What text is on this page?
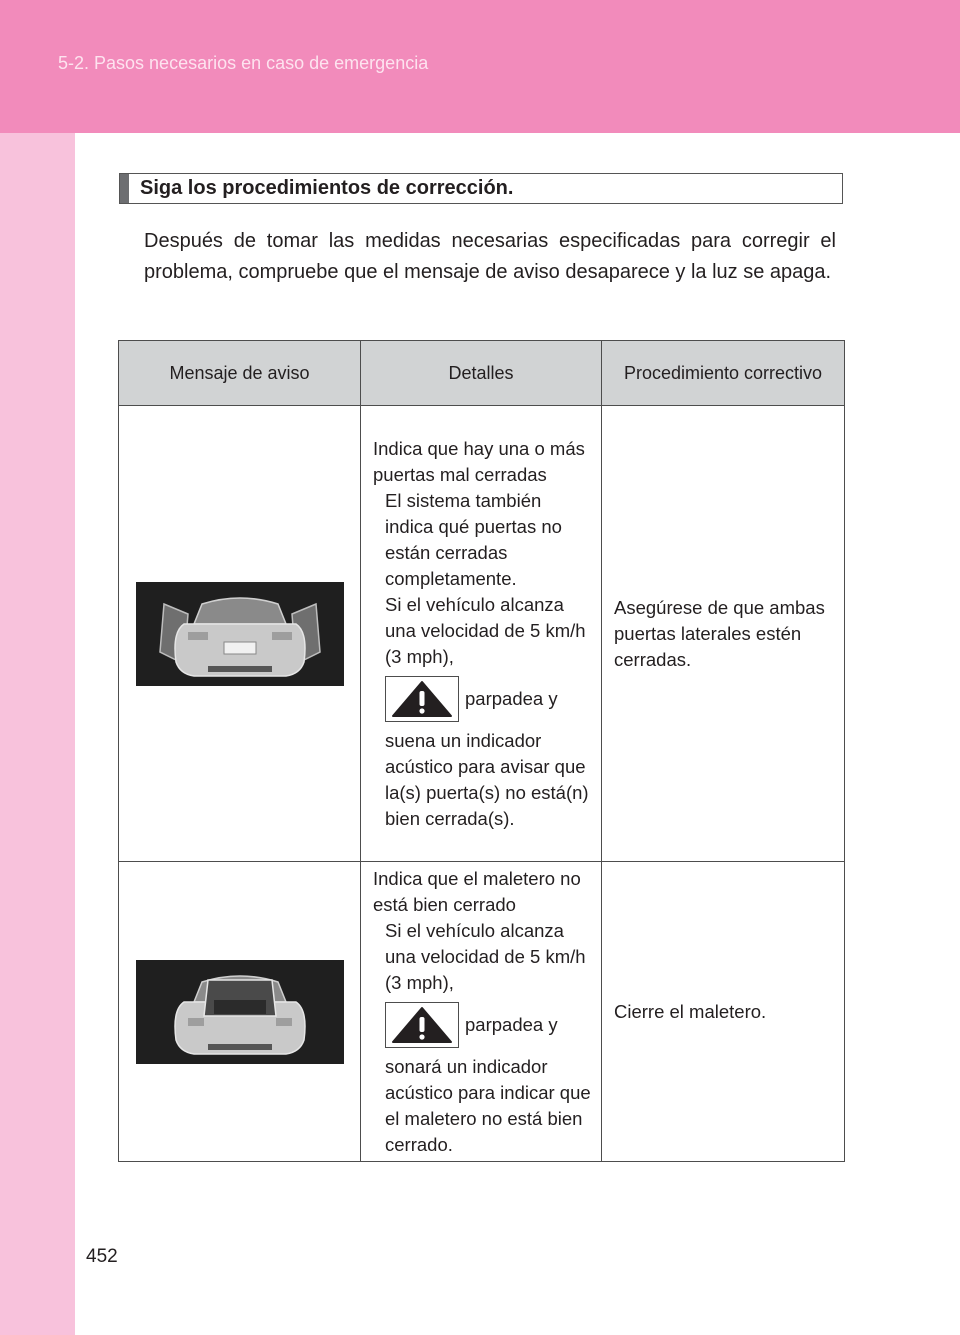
5-2. Pasos necesarios en caso de emergencia
452
Siga los procedimientos de corrección.
Después de tomar las medidas necesarias especificadas para corregir el problema, compruebe que el mensaje de aviso desaparece y la luz se apaga.
Mensaje de aviso	Detalles	Procedimiento correctivo

Indica que hay una o más puertas mal cerradas
El sistema también indica qué puertas no están cerradas completamente.
Si el vehículo alcanza una velocidad de 5 km/h (3 mph),
parpadea y
suena un indicador acústico para avisar que la(s) puerta(s) no está(n) bien cerrada(s).	Asegúrese de que ambas puertas laterales estén cerradas.

Indica que el maletero no está bien cerrado
Si el vehículo alcanza una velocidad de 5 km/h (3 mph),
parpadea y
sonará un indicador acústico para indicar que el maletero no está bien cerrado.	Cierre el maletero.
